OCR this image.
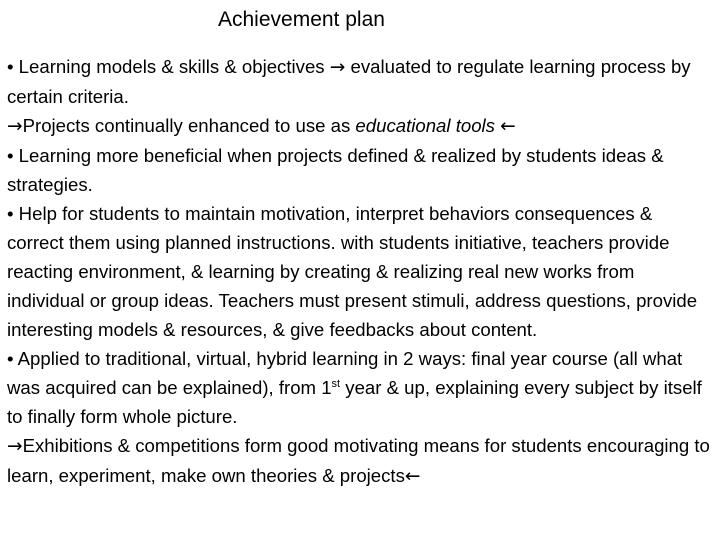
Achievement plan

• Learning models & skills & objectives → evaluated to regulate learning process by certain criteria.

→Projects continually enhanced to use as educational tools ←

• Learning more beneficial when projects defined & realized by students ideas & strategies.

• Help for students to maintain motivation, interpret behaviors consequences & correct them using planned instructions. with students initiative, teachers provide reacting environment, & learning by creating & realizing real new works from individual or group ideas. Teachers must present stimuli, address questions, provide interesting models & resources, & give feedbacks about content.

• Applied to traditional, virtual, hybrid learning in 2 ways: final year course (all what was acquired can be explained), from 1st year & up, explaining every subject by itself to finally form whole picture.

→Exhibitions & competitions form good motivating means for students encouraging to learn, experiment, make own theories & projects←
